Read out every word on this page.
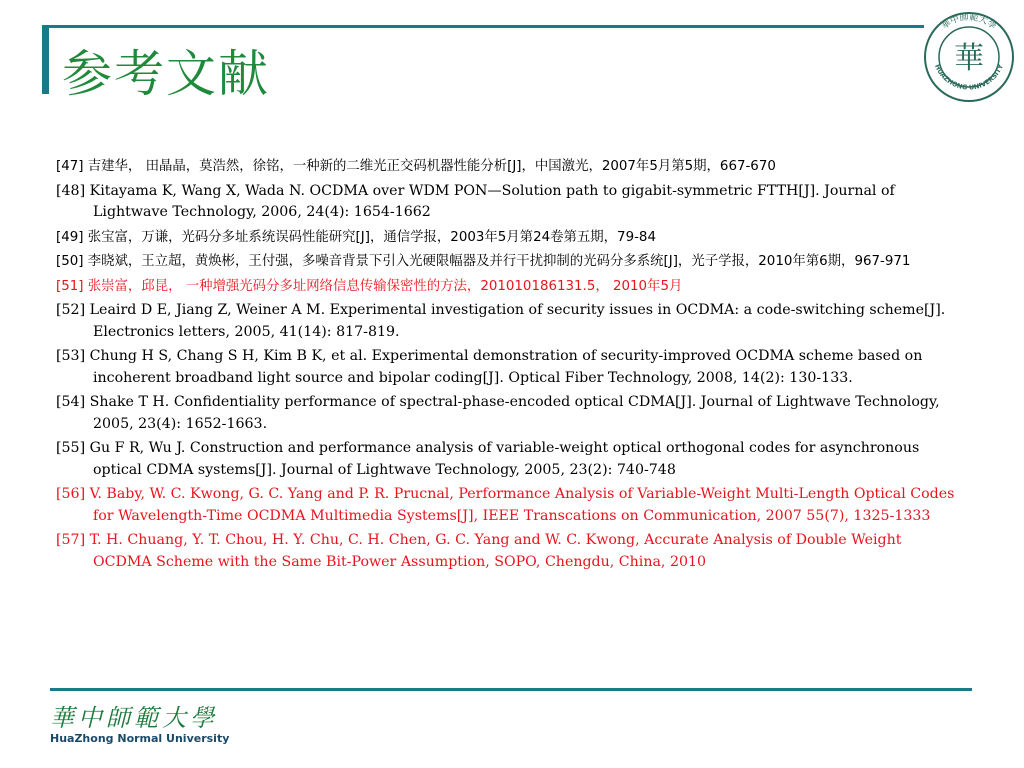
参考文献	華
華中師範大學
HUAZHONG UNIVERSITY
[47] 吉建华， 田晶晶，莫浩然，徐铭，一种新的二维光正交码机器性能分析[J]，中国激光，2007年5月第5期，667-670
[48] Kitayama K, Wang X, Wada N. OCDMA over WDM PON—Solution path to gigabit-symmetric FTTH[J]. Journal of Lightwave Technology, 2006, 24(4): 1654-1662
[49] 张宝富，万谦，光码分多址系统误码性能研究[J]，通信学报，2003年5月第24卷第五期，79-84
[50] 李晓斌，王立超，黄焕彬，王付强，多噪音背景下引入光硬限幅器及并行干扰抑制的光码分多系统[J]，光子学报，2010年第6期，967-971
[51] 张崇富，邱昆， 一种增强光码分多址网络信息传输保密性的方法，201010186131.5， 2010年5月
[52] Leaird D E, Jiang Z, Weiner A M. Experimental investigation of security issues in OCDMA: a code-switching scheme[J]. Electronics letters, 2005, 41(14): 817-819.
[53] Chung H S, Chang S H, Kim B K, et al. Experimental demonstration of security-improved OCDMA scheme based on incoherent broadband light source and bipolar coding[J]. Optical Fiber Technology, 2008, 14(2): 130-133.
[54] Shake T H. Confidentiality performance of spectral-phase-encoded optical CDMA[J]. Journal of Lightwave Technology, 2005, 23(4): 1652-1663.
[55] Gu F R, Wu J. Construction and performance analysis of variable-weight optical orthogonal codes for asynchronous optical CDMA systems[J]. Journal of Lightwave Technology, 2005, 23(2): 740-748
[56] V. Baby, W. C. Kwong, G. C. Yang and P. R. Prucnal, Performance Analysis of Variable-Weight Multi-Length Optical Codes for Wavelength-Time OCDMA Multimedia Systems[J], IEEE Transcations on Communication, 2007 55(7), 1325-1333
[57] T. H. Chuang, Y. T. Chou, H. Y. Chu, C. H. Chen, G. C. Yang and W. C. Kwong, Accurate Analysis of Double Weight OCDMA Scheme with the Same Bit-Power Assumption, SOPO, Chengdu, China, 2010
華中師範大學
HuaZhong Normal University
